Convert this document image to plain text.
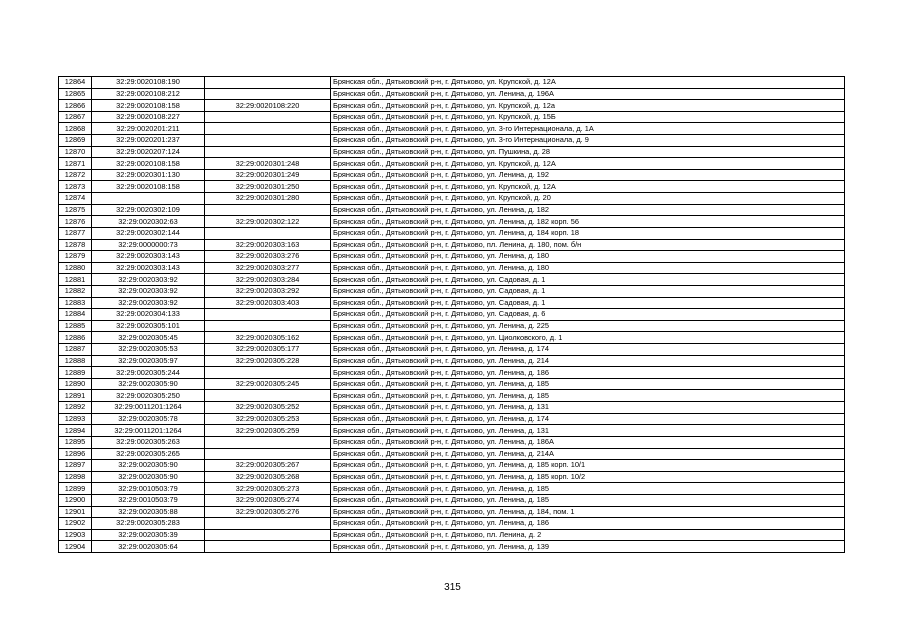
12864	32:29:0020108:190		Брянская обл., Дятьковский р-н, г. Дятьково, ул. Крупской, д. 12А
12865	32:29:0020108:212		Брянская обл., Дятьковский р-н, г. Дятьково, ул. Ленина, д. 196А
12866	32:29:0020108:158	32:29:0020108:220	Брянская обл., Дятьковский р-н, г. Дятьково, ул. Крупской, д. 12а
12867	32:29:0020108:227		Брянская обл., Дятьковский р-н, г. Дятьково, ул. Крупской, д. 15Б
12868	32:29:0020201:211		Брянская обл., Дятьковский р-н, г. Дятьково, ул. 3-го Интернационала, д. 1А
12869	32:29:0020201:237		Брянская обл., Дятьковский р-н, г. Дятьково, ул. 3-го Интернационала, д. 9
12870	32:29:0020207:124		Брянская обл., Дятьковский р-н, г. Дятьково, ул. Пушкина, д. 28
12871	32:29:0020108:158	32:29:0020301:248	Брянская обл., Дятьковский р-н, г. Дятьково, ул. Крупской, д. 12А
12872	32:29:0020301:130	32:29:0020301:249	Брянская обл., Дятьковский р-н, г. Дятьково, ул. Ленина, д. 192
12873	32:29:0020108:158	32:29:0020301:250	Брянская обл., Дятьковский р-н, г. Дятьково, ул. Крупской, д. 12А
12874		32:29:0020301:280	Брянская обл., Дятьковский р-н, г. Дятьково, ул. Крупской, д. 20
12875	32:29:0020302:109		Брянская обл., Дятьковский р-н, г. Дятьково, ул. Ленина, д. 182
12876	32:29:0020302:63	32:29:0020302:122	Брянская обл., Дятьковский р-н, г. Дятьково, ул. Ленина, д. 182 корп. 56
12877	32:29:0020302:144		Брянская обл., Дятьковский р-н, г. Дятьково, ул. Ленина, д. 184 корп. 18
12878	32:29:0000000:73	32:29:0020303:163	Брянская обл., Дятьковский р-н, г. Дятьково, пл. Ленина, д. 180, пом. б/н
12879	32:29:0020303:143	32:29:0020303:276	Брянская обл., Дятьковский р-н, г. Дятьково, ул. Ленина, д. 180
12880	32:29:0020303:143	32:29:0020303:277	Брянская обл., Дятьковский р-н, г. Дятьково, ул. Ленина, д. 180
12881	32:29:0020303:92	32:29:0020303:284	Брянская обл., Дятьковский р-н, г. Дятьково, ул. Садовая, д. 1
12882	32:29:0020303:92	32:29:0020303:292	Брянская обл., Дятьковский р-н, г. Дятьково, ул. Садовая, д. 1
12883	32:29:0020303:92	32:29:0020303:403	Брянская обл., Дятьковский р-н, г. Дятьково, ул. Садовая, д. 1
12884	32:29:0020304:133		Брянская обл., Дятьковский р-н, г. Дятьково, ул. Садовая, д. 6
12885	32:29:0020305:101		Брянская обл., Дятьковский р-н, г. Дятьково, ул. Ленина, д. 225
12886	32:29:0020305:45	32:29:0020305:162	Брянская обл., Дятьковский р-н, г. Дятьково, ул. Циолковского, д. 1
12887	32:29:0020305:53	32:29:0020305:177	Брянская обл., Дятьковский р-н, г. Дятьково, ул. Ленина, д. 174
12888	32:29:0020305:97	32:29:0020305:228	Брянская обл., Дятьковский р-н, г. Дятьково, ул. Ленина, д. 214
12889	32:29:0020305:244		Брянская обл., Дятьковский р-н, г. Дятьково, ул. Ленина, д. 186
12890	32:29:0020305:90	32:29:0020305:245	Брянская обл., Дятьковский р-н, г. Дятьково, ул. Ленина, д. 185
12891	32:29:0020305:250		Брянская обл., Дятьковский р-н, г. Дятьково, ул. Ленина, д. 185
12892	32:29:0011201:1264	32:29:0020305:252	Брянская обл., Дятьковский р-н, г. Дятьково, ул. Ленина, д. 131
12893	32:29:0020305:78	32:29:0020305:253	Брянская обл., Дятьковский р-н, г. Дятьково, ул. Ленина, д. 174
12894	32:29:0011201:1264	32:29:0020305:259	Брянская обл., Дятьковский р-н, г. Дятьково, ул. Ленина, д. 131
12895	32:29:0020305:263		Брянская обл., Дятьковский р-н, г. Дятьково, ул. Ленина, д. 186А
12896	32:29:0020305:265		Брянская обл., Дятьковский р-н, г. Дятьково, ул. Ленина, д. 214А
12897	32:29:0020305:90	32:29:0020305:267	Брянская обл., Дятьковский р-н, г. Дятьково, ул. Ленина, д. 185 корп. 10/1
12898	32:29:0020305:90	32:29:0020305:268	Брянская обл., Дятьковский р-н, г. Дятьково, ул. Ленина, д. 185 корп. 10/2
12899	32:29:0010503:79	32:29:0020305:273	Брянская обл., Дятьковский р-н, г. Дятьково, ул. Ленина, д. 185
12900	32:29:0010503:79	32:29:0020305:274	Брянская обл., Дятьковский р-н, г. Дятьково, ул. Ленина, д. 185
12901	32:29:0020305:88	32:29:0020305:276	Брянская обл., Дятьковский р-н, г. Дятьково, ул. Ленина, д. 184, пом. 1
12902	32:29:0020305:283		Брянская обл., Дятьковский р-н, г. Дятьково, ул. Ленина, д. 186
12903	32:29:0020305:39		Брянская обл., Дятьковский р-н, г. Дятьково, пл. Ленина, д. 2
12904	32:29:0020305:64		Брянская обл., Дятьковский р-н, г. Дятьково, ул. Ленина, д. 139
315
